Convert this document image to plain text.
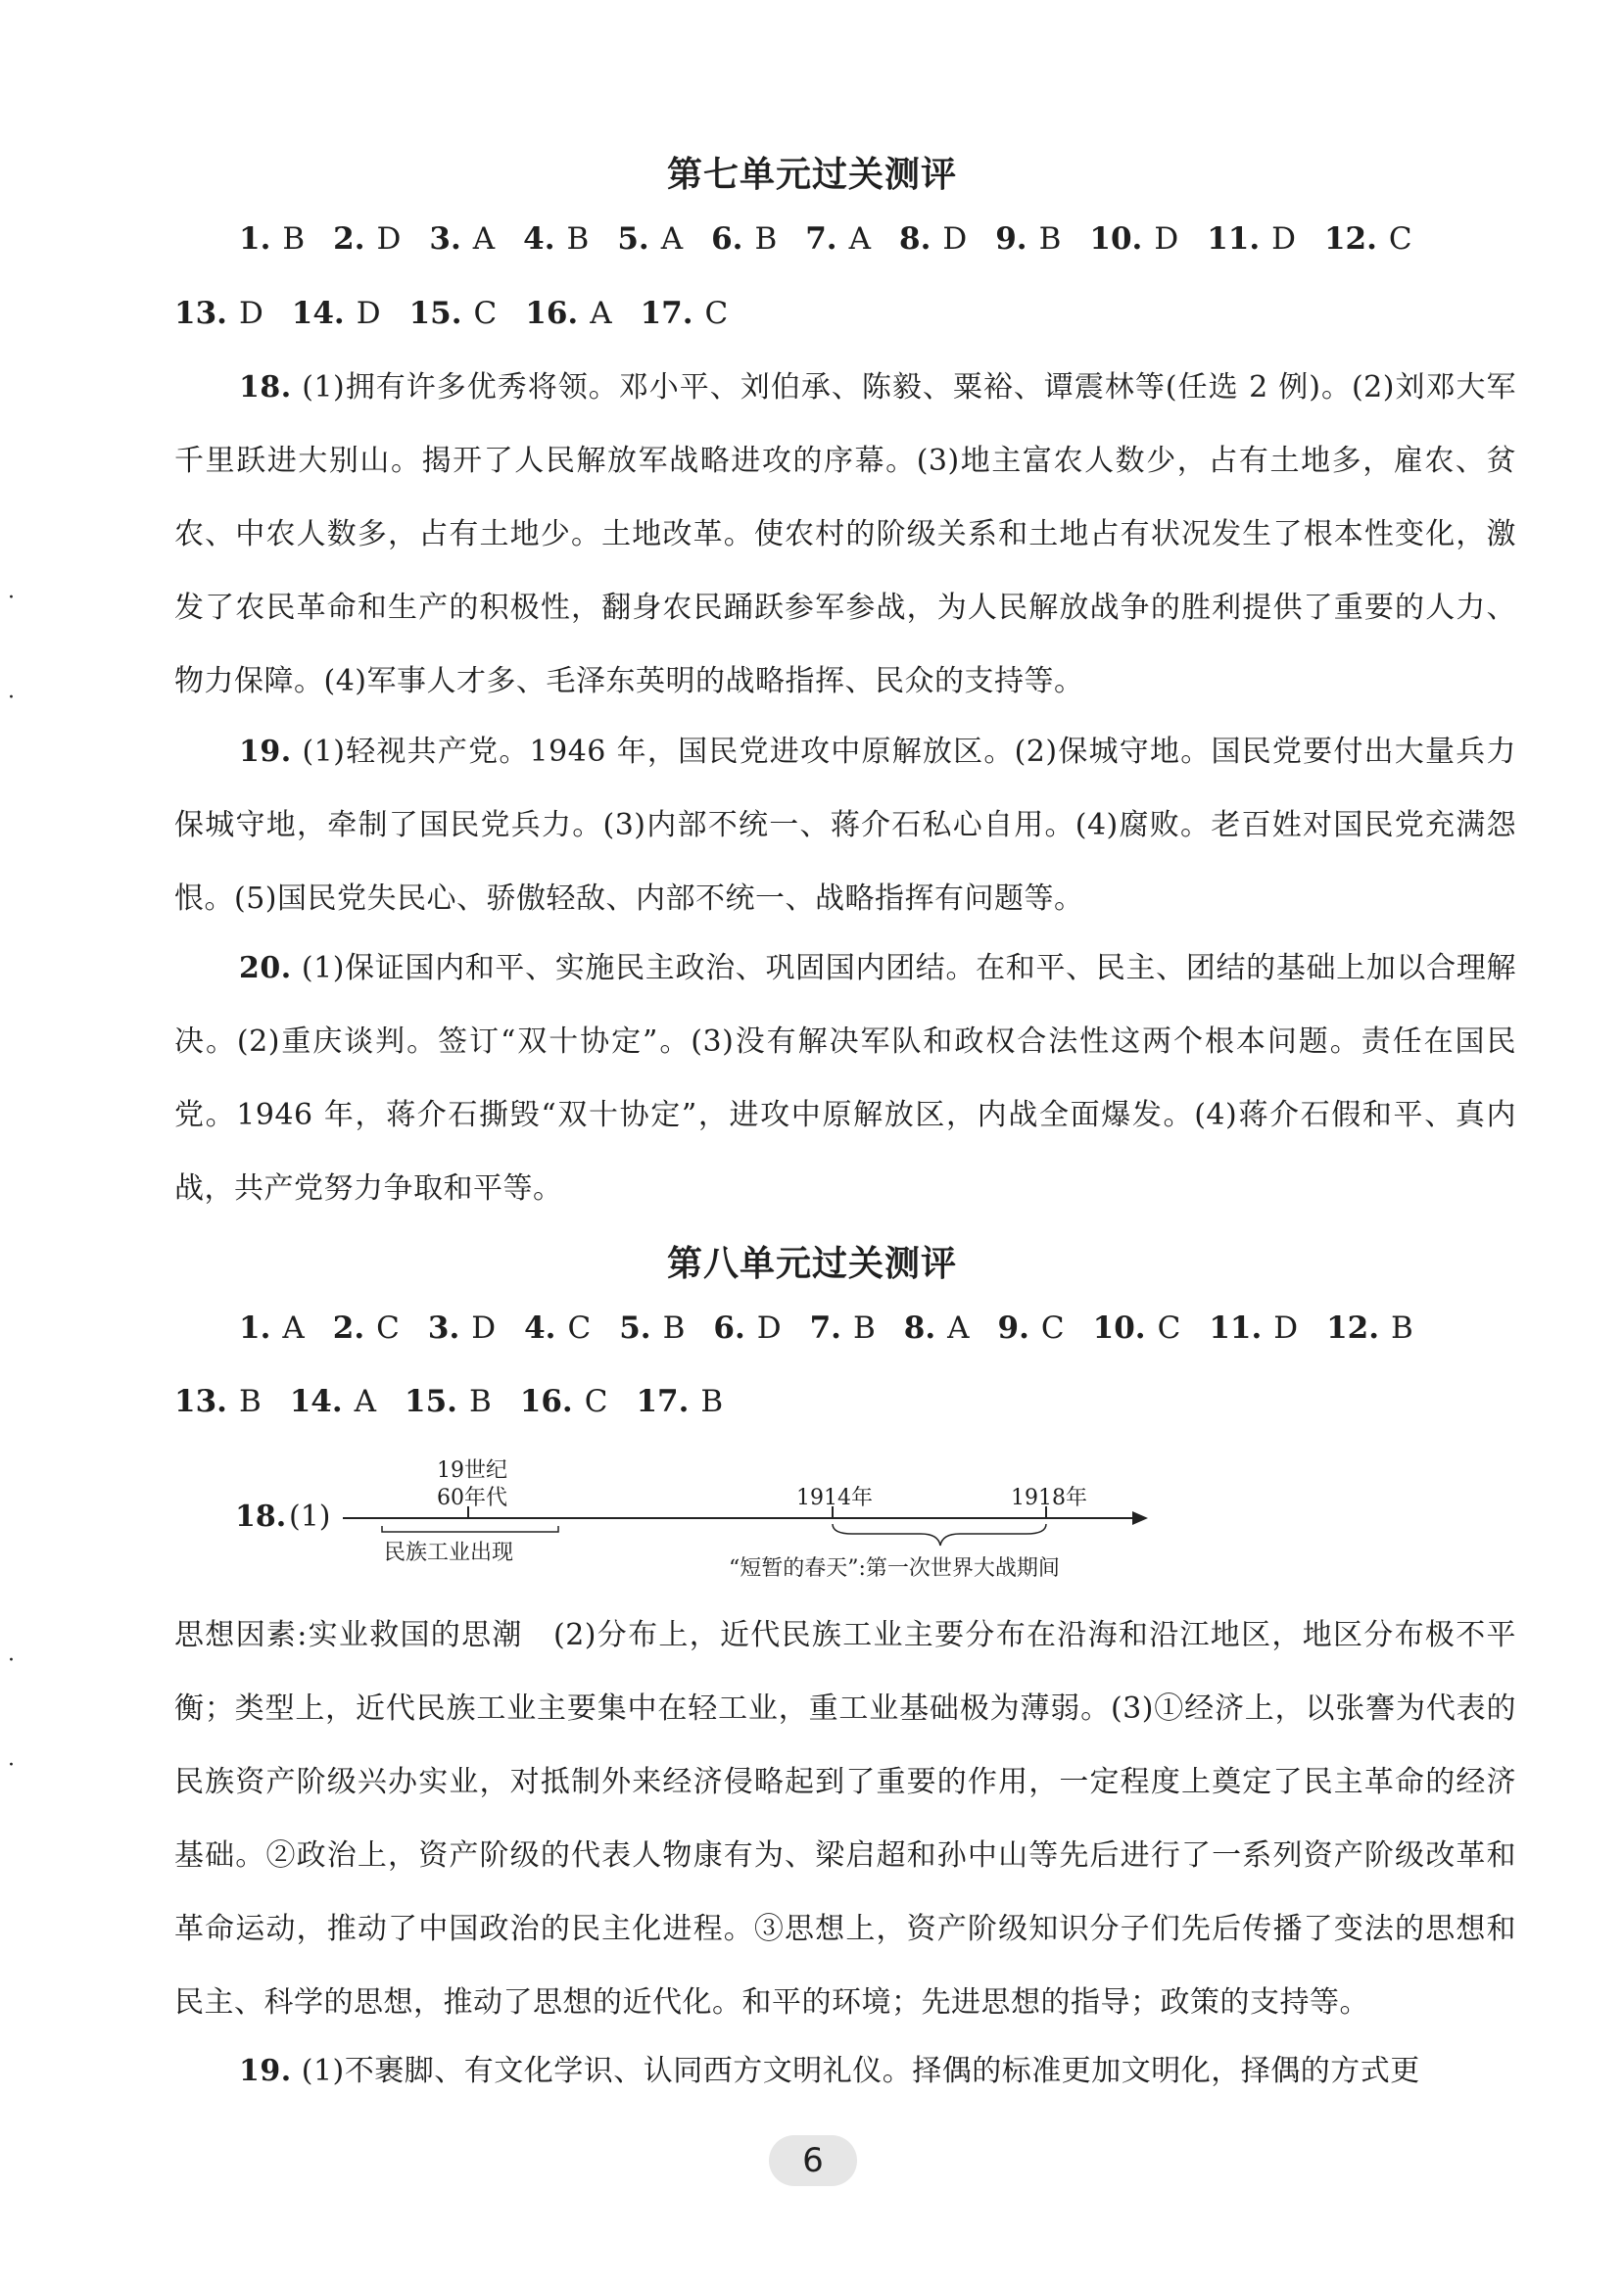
·
·
·
·
第七单元过关测评
1. B 2. D 3. A 4. B 5. A 6. B 7. A 8. D 9. B 10. D 11. D 12. C
13. D 14. D 15. C 16. A 17. C
18. (1)拥有许多优秀将领。邓小平、刘伯承、陈毅、粟裕、谭震林等(任选 2 例)。(2)刘邓大军千里跃进大别山。揭开了人民解放军战略进攻的序幕。(3)地主富农人数少，占有土地多，雇农、贫农、中农人数多，占有土地少。土地改革。使农村的阶级关系和土地占有状况发生了根本性变化，激发了农民革命和生产的积极性，翻身农民踊跃参军参战，为人民解放战争的胜利提供了重要的人力、物力保障。(4)军事人才多、毛泽东英明的战略指挥、民众的支持等。
19. (1)轻视共产党。1946 年，国民党进攻中原解放区。(2)保城守地。国民党要付出大量兵力保城守地，牵制了国民党兵力。(3)内部不统一、蒋介石私心自用。(4)腐败。老百姓对国民党充满怨恨。(5)国民党失民心、骄傲轻敌、内部不统一、战略指挥有问题等。
20. (1)保证国内和平、实施民主政治、巩固国内团结。在和平、民主、团结的基础上加以合理解决。(2)重庆谈判。签订“双十协定”。(3)没有解决军队和政权合法性这两个根本问题。责任在国民党。1946 年，蒋介石撕毁“双十协定”，进攻中原解放区，内战全面爆发。(4)蒋介石假和平、真内战，共产党努力争取和平等。
第八单元过关测评
1. A 2. C 3. D 4. C 5. B 6. D 7. B 8. A 9. C 10. C 11. D 12. B
13. B 14. A 15. B 16. C 17. B
18. (1)
19世纪
60年代	1914年	1918年
民族工业出现
“短暂的春天”:第一次世界大战期间
思想因素:实业救国的思潮　(2)分布上，近代民族工业主要分布在沿海和沿江地区，地区分布极不平衡；类型上，近代民族工业主要集中在轻工业，重工业基础极为薄弱。(3)①经济上，以张謇为代表的民族资产阶级兴办实业，对抵制外来经济侵略起到了重要的作用，一定程度上奠定了民主革命的经济基础。②政治上，资产阶级的代表人物康有为、梁启超和孙中山等先后进行了一系列资产阶级改革和革命运动，推动了中国政治的民主化进程。③思想上，资产阶级知识分子们先后传播了变法的思想和民主、科学的思想，推动了思想的近代化。和平的环境；先进思想的指导；政策的支持等。
19. (1)不裹脚、有文化学识、认同西方文明礼仪。择偶的标准更加文明化，择偶的方式更
6
